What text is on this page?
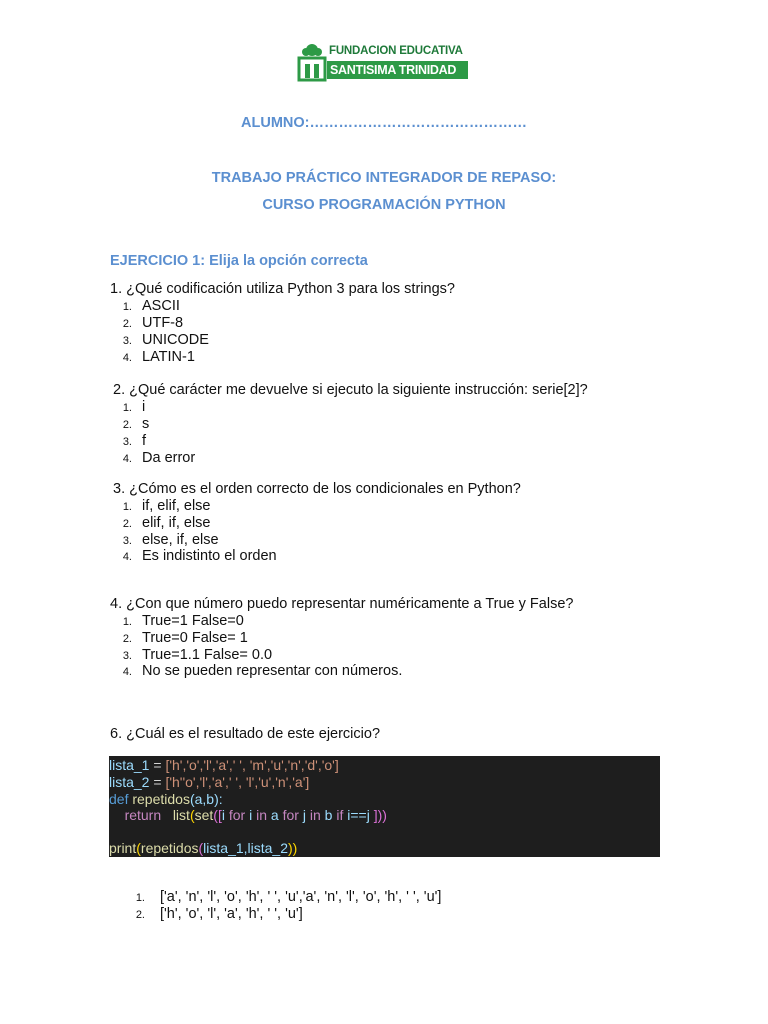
FUNDACION EDUCATIVA
SANTISIMA TRINIDAD
ALUMNO:………………………………………
TRABAJO PRÁCTICO INTEGRADOR DE REPASO:
CURSO PROGRAMACIÓN PYTHON
EJERCICIO 1: Elija la opción correcta
1. ¿Qué codificación utiliza Python 3 para los strings?
1. ASCII
2. UTF-8
3. UNICODE
4. LATIN-1
2. ¿Qué carácter me devuelve si ejecuto la siguiente instrucción: serie[2]?
1. i
2. s
3. f
4. Da error
3. ¿Cómo es el orden correcto de los condicionales en Python?
1. if, elif, else
2. elif, if, else
3. else, if, else
4. Es indistinto el orden
4. ¿Con que número puedo representar numéricamente a True y False?
1. True=1 False=0
2. True=0 False= 1
3. True=1.1 False= 0.0
4. No se pueden representar con números.
6. ¿Cuál es el resultado de este ejercicio?
lista_1 = ['h','o','l','a',' ', 'm','u','n','d','o']
lista_2 = ['h''o','l','a',' ', 'l','u','n','a']
def repetidos(a,b):
return list(set([i for i in a for j in b if i==j ]))
print(repetidos(lista_1,lista_2))
1. ['a', 'n', 'l', 'o', 'h', ' ', 'u','a', 'n', 'l', 'o', 'h', ' ', 'u']
2. ['h', 'o', 'l', 'a', 'h', ' ', 'u']
